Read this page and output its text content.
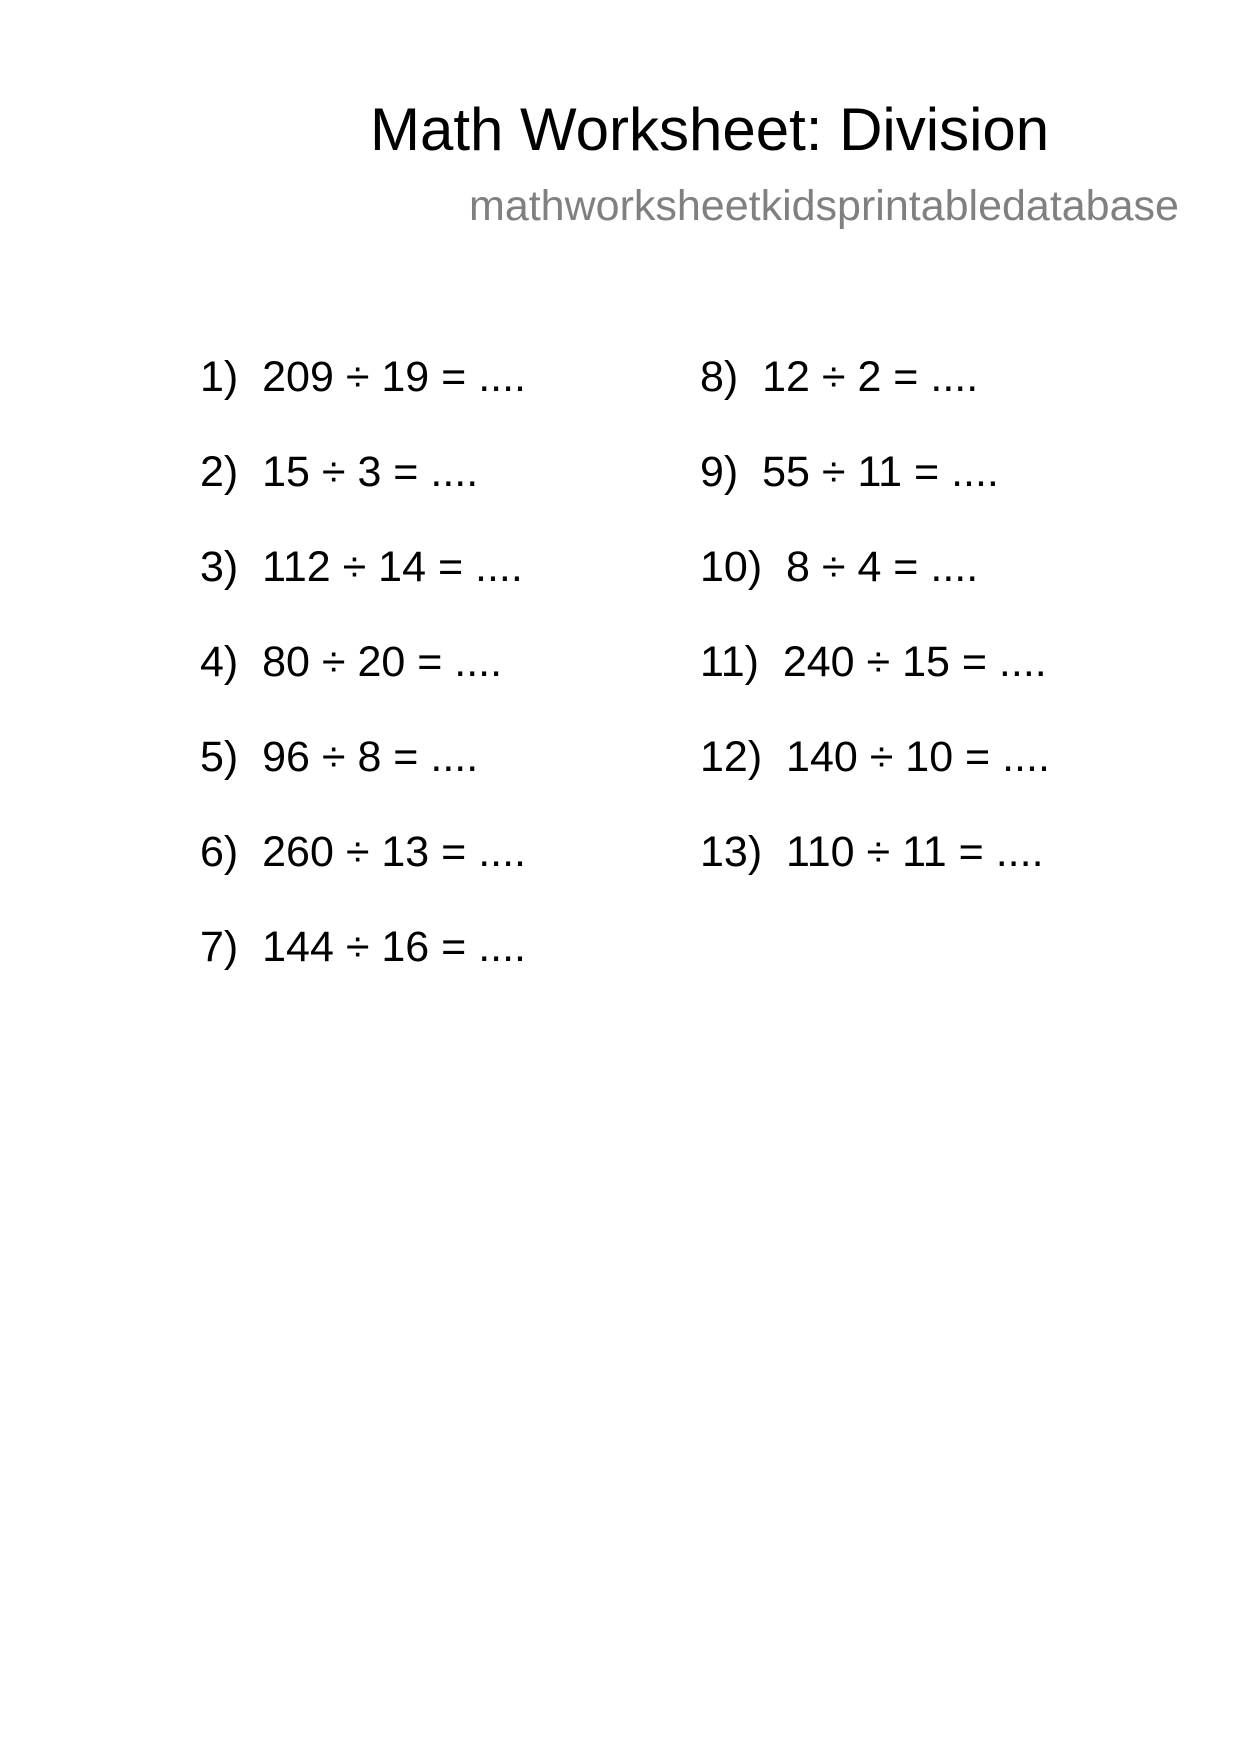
Math Worksheet: Division
mathworksheetkidsprintabledatabase
1)  209 ÷ 19 = ....
2)  15 ÷ 3 = ....
3)  112 ÷ 14 = ....
4)  80 ÷ 20 = ....
5)  96 ÷ 8 = ....
6)  260 ÷ 13 = ....
7)  144 ÷ 16 = ....
8)  12 ÷ 2 = ....
9)  55 ÷ 11 = ....
10)  8 ÷ 4 = ....
11)  240 ÷ 15 = ....
12)  140 ÷ 10 = ....
13)  110 ÷ 11 = ....
